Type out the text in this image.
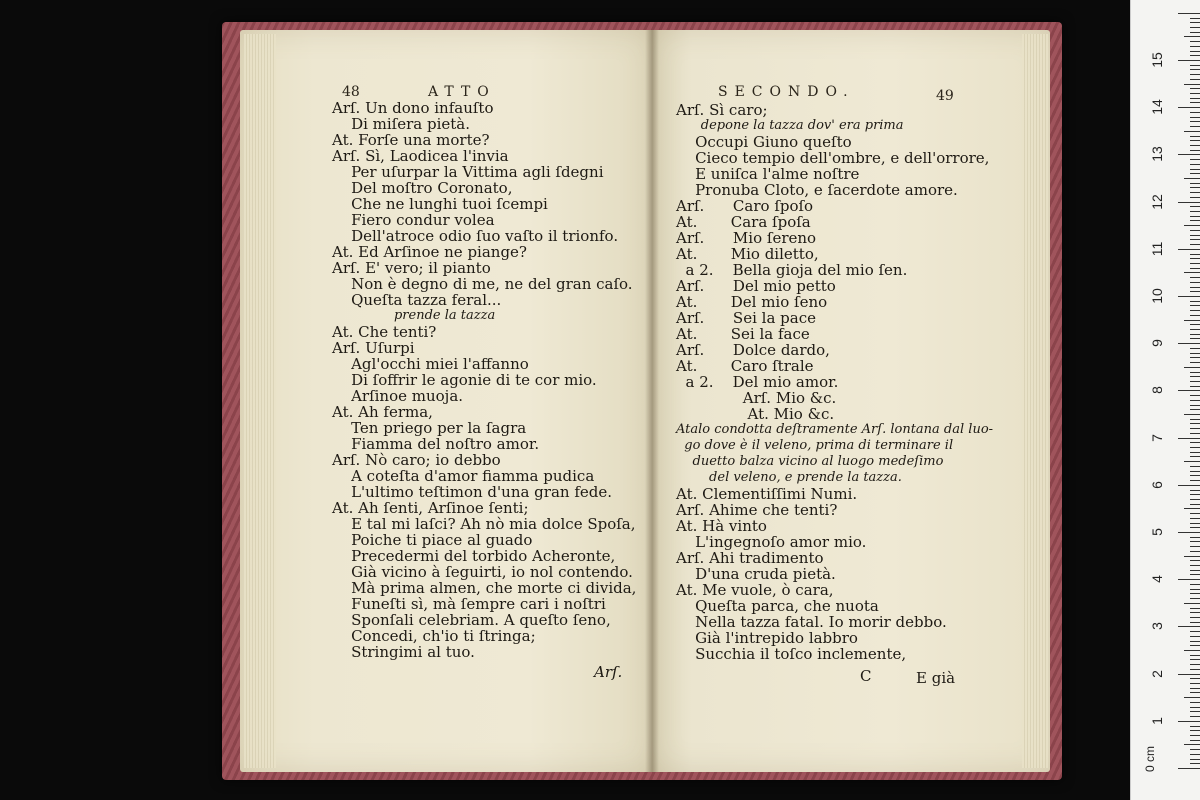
48	ATTO
Arſ. Un dono infauſto
Di miſera pietà.
At. Forſe una morte?
Arſ. Sì, Laodicea l'invia
Per uſurpar la Vittima agli ſdegni
Del moſtro Coronato,
Che ne lunghi tuoi ſcempi
Fiero condur volea
Dell'atroce odio ſuo vaſto il trionfo.
At. Ed Arſinoe ne piange?
Arſ. E' vero; il pianto
Non è degno di me, ne del gran caſo.
Queſta tazza feral...
prende la tazza
At. Che tenti?
Arſ. Uſurpi
Agl'occhi miei l'affanno
Di ſoffrir le agonie di te cor mio.
Arſinoe muoja.
At. Ah ferma,
Ten priego per la ſagra
Fiamma del noſtro amor.
Arſ. Nò caro; io debbo
A coteſta d'amor fiamma pudica
L'ultimo teſtimon d'una gran fede.
At. Ah ſenti, Arſinoe ſenti;
E tal mi laſci? Ah nò mia dolce Spoſa,
Poiche ti piace al guado
Precedermi del torbido Acheronte,
Già vicino à ſeguirti, io nol contendo.
Mà prima almen, che morte ci divida,
Funeſti sì, mà ſempre cari i noſtri
Sponſali celebriam. A queſto ſeno,
Concedi, ch'io ti ſtringa;
Stringimi al tuo.
Arſ.
SECONDO.	49
Arſ. Sì caro;
depone la tazza dov' era prima
Occupi Giuno queſto
Cieco tempio dell'ombre, e dell'orrore,
E uniſca l'alme noſtre
Pronuba Cloto, e ſacerdote amore.
Arſ.      Caro ſpoſo
At.       Cara ſpoſa
Arſ.      Mio ſereno
At.       Mio diletto,
a 2.    Bella gioja del mio ſen.
Arſ.      Del mio petto
At.       Del mio ſeno
Arſ.      Sei la pace
At.       Sei la face
Arſ.      Dolce dardo,
At.       Caro ſtrale
a 2.    Del mio amor.
Arſ. Mio &c.
At. Mio &c.
Atalo condotta deſtramente Arſ. lontana dal luo-
go dove è il veleno, prima di terminare il
duetto balza vicino al luogo medeſimo
del veleno, e prende la tazza.
At. Clementiſſimi Numi.
Arſ. Ahime che tenti?
At. Hà vinto
L'ingegnoſo amor mio.
Arſ. Ahi tradimento
D'una cruda pietà.
At. Me vuole, ò cara,
Queſta parca, che nuota
Nella tazza fatal. Io morir debbo.
Già l'intrepido labbro
Succhia il toſco inclemente,
C	E già
0 cm
1
2
3
4
5
6
7
8
9
10
11
12
13
14
15
